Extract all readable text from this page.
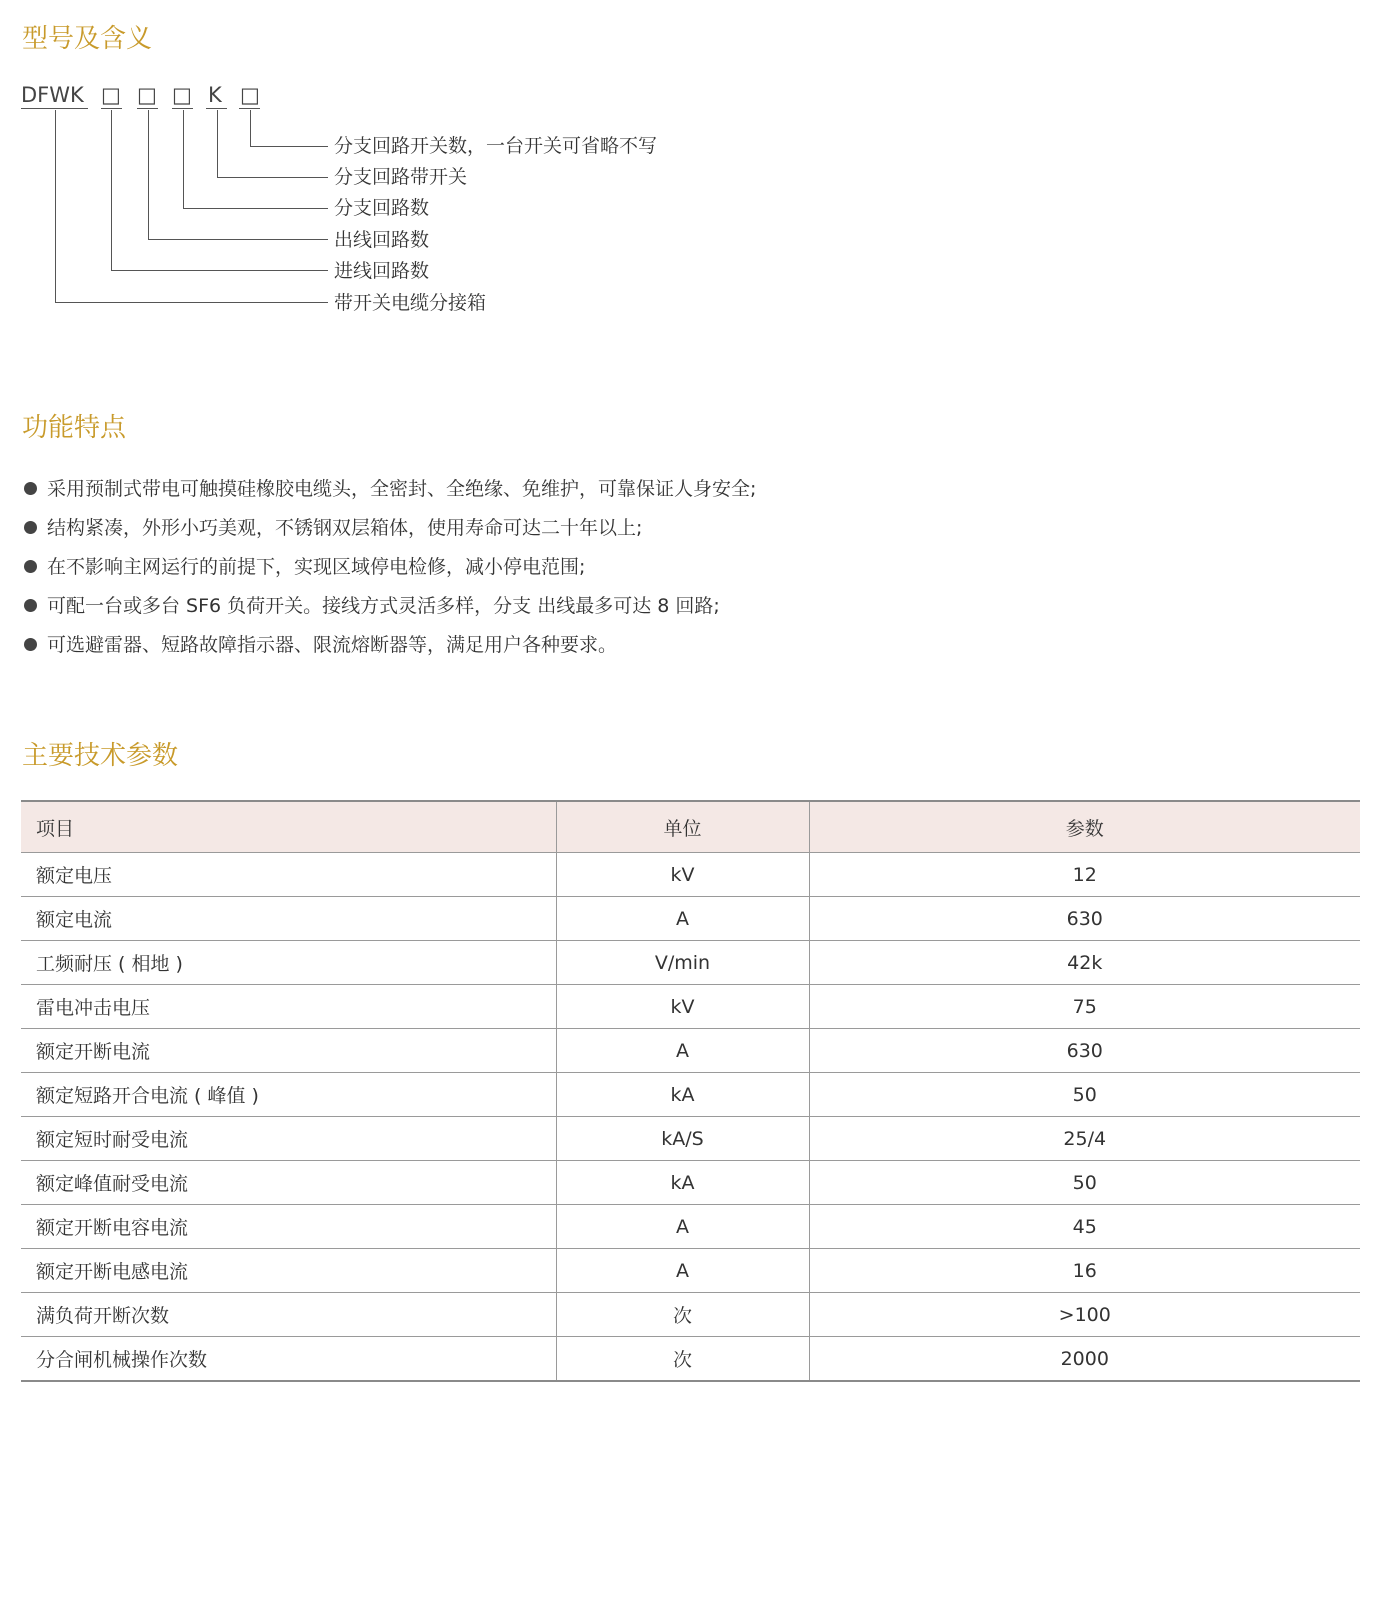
型号及含义
DFWK □ □ □ K □
分支回路开关数，一台开关可省略不写
分支回路带开关
分支回路数
出线回路数
进线回路数
带开关电缆分接箱
功能特点
采用预制式带电可触摸硅橡胶电缆头，全密封、全绝缘、免维护，可靠保证人身安全;
结构紧凑，外形小巧美观，不锈钢双层箱体，使用寿命可达二十年以上;
在不影响主网运行的前提下，实现区域停电检修，减小停电范围;
可配一台或多台 SF6 负荷开关。接线方式灵活多样，分支 出线最多可达 8 回路;
可选避雷器、短路故障指示器、限流熔断器等，满足用户各种要求。
主要技术参数
项目	单位	参数
额定电压	kV	12
额定电流	A	630
工频耐压 ( 相地 )	V/min	42k
雷电冲击电压	kV	75
额定开断电流	A	630
额定短路开合电流 ( 峰值 )	kA	50
额定短时耐受电流	kA/S	25/4
额定峰值耐受电流	kA	50
额定开断电容电流	A	45
额定开断电感电流	A	16
满负荷开断次数	次	>100
分合闸机械操作次数	次	2000
